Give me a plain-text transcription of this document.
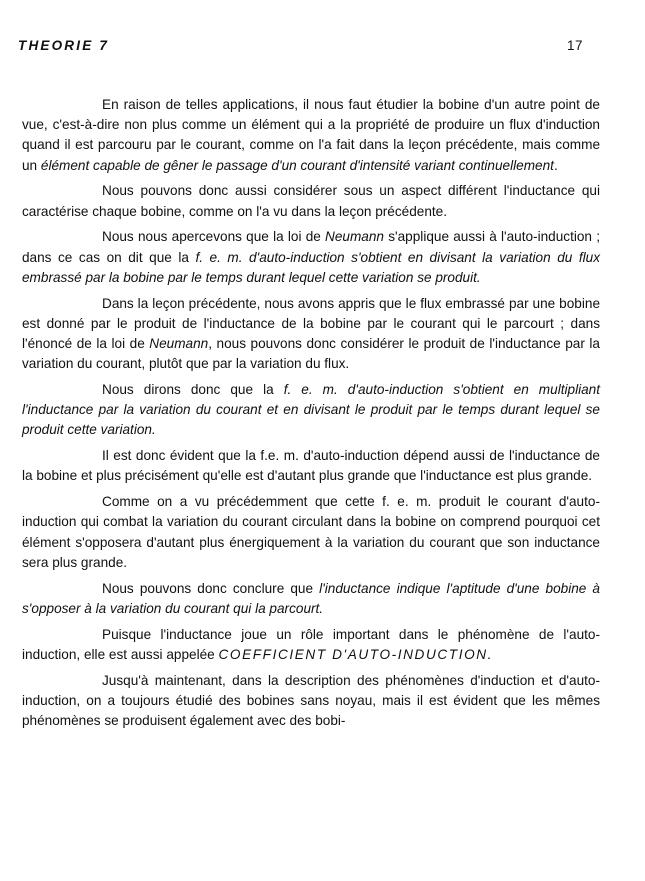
THEORIE 7	17

En raison de telles applications, il nous faut étudier la bobine d'un autre point de vue, c'est-à-dire non plus comme un élément qui a la propriété de produire un flux d'induction quand il est parcouru par le courant, comme on l'a fait dans la leçon précédente, mais comme un élément capable de gêner le passage d'un courant d'intensité variant continuellement.

Nous pouvons donc aussi considérer sous un aspect différent l'inductance qui caractérise chaque bobine, comme on l'a vu dans la leçon précédente.

Nous nous apercevons que la loi de Neumann s'applique aussi à l'auto-induction ; dans ce cas on dit que la f. e. m. d'auto-induction s'obtient en divisant la variation du flux embrassé par la bobine par le temps durant lequel cette variation se produit.

Dans la leçon précédente, nous avons appris que le flux embrassé par une bobine est donné par le produit de l'inductance de la bobine par le courant qui le parcourt ; dans l'énoncé de la loi de Neumann, nous pouvons donc considérer le produit de l'inductance par la variation du courant, plutôt que par la variation du flux.

Nous dirons donc que la f. e. m. d'auto-induction s'obtient en multipliant l'inductance par la variation du courant et en divisant le produit par le temps durant lequel se produit cette variation.

Il est donc évident que la f.e. m. d'auto-induction dépend aussi de l'inductance de la bobine et plus précisément qu'elle est d'autant plus grande que l'inductance est plus grande.

Comme on a vu précédemment que cette f. e. m. produit le courant d'auto-induction qui combat la variation du courant circulant dans la bobine on comprend pourquoi cet élément s'opposera d'autant plus énergiquement à la variation du courant que son inductance sera plus grande.

Nous pouvons donc conclure que l'inductance indique l'aptitude d'une bobine à s'opposer à la variation du courant qui la parcourt.

Puisque l'inductance joue un rôle important dans le phénomène de l'auto-induction, elle est aussi appelée COEFFICIENT D'AUTO-INDUCTION.

Jusqu'à maintenant, dans la description des phénomènes d'induction et d'auto-induction, on a toujours étudié des bobines sans noyau, mais il est évident que les mêmes phénomènes se produisent également avec des bobi-
